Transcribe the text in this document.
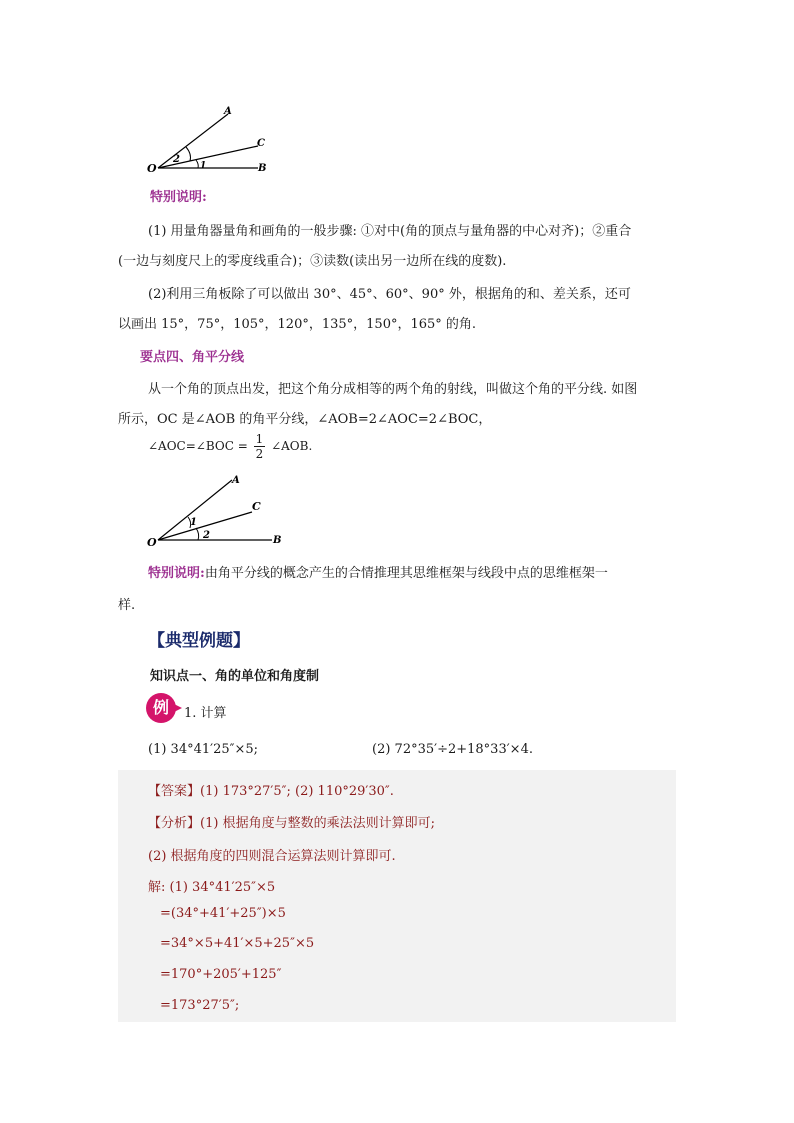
A
C
O	B
2
1
特别说明:
(1) 用量角器量角和画角的一般步骤: ①对中(角的顶点与量角器的中心对齐)；②重合
(一边与刻度尺上的零度线重合)；③读数(读出另一边所在线的度数).
(2)利用三角板除了可以做出 30°、45°、60°、90° 外，根据角的和、差关系，还可
以画出 15°，75°，105°，120°，135°，150°，165° 的角.
要点四、角平分线
从一个角的顶点出发，把这个角分成相等的两个角的射线，叫做这个角的平分线. 如图
所示，OC 是∠AOB 的角平分线，∠AOB=2∠AOC=2∠BOC，
∠AOC=∠BOC = $\frac{1}{2}$ ∠AOB.
A
C
O	B
1
2
特别说明:由角平分线的概念产生的合情推理其思维框架与线段中点的思维框架一
样.
【典型例题】
知识点一、角的单位和角度制
例	1. 计算
(1) 34°41′25″×5;	(2) 72°35′÷2+18°33′×4.
【答案】(1) 173°27′5″; (2) 110°29′30″.
【分析】(1) 根据角度与整数的乘法法则计算即可;
(2) 根据角度的四则混合运算法则计算即可.
解: (1) 34°41′25″×5
=(34°+41′+25″)×5
=34°×5+41′×5+25″×5
=170°+205′+125″
=173°27′5″;
